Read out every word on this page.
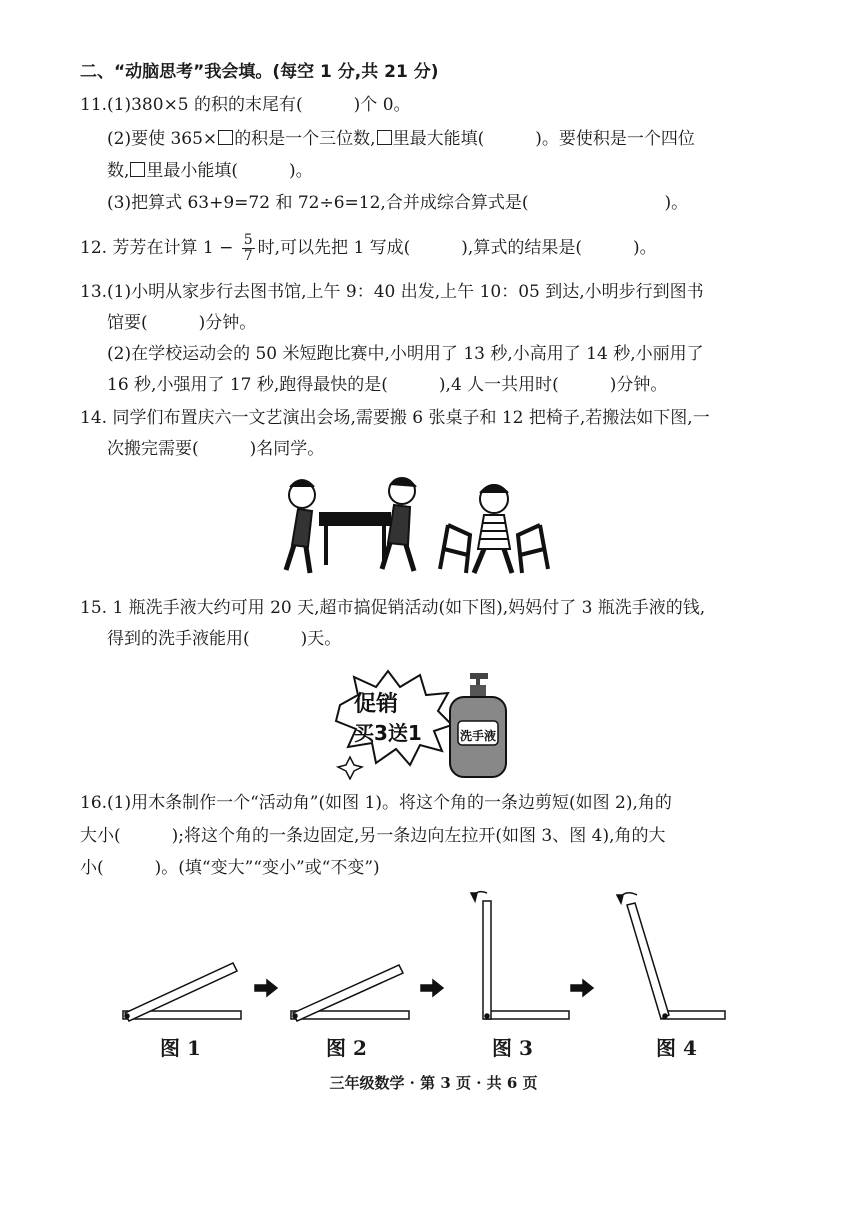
二、“动脑思考”我会填。(每空 1 分,共 21 分)
11.(1)380×5 的积的末尾有(　　　)个 0。
(2)要使 365× 的积是一个三位数, 里最大能填(　　　)。要使积是一个四位
数, 里最小能填(　　　)。
(3)把算式 63+9=72 和 72÷6=12,合并成综合算式是(　　　　　　　　)。
12. 芳芳在计算 $1 - \frac{5}{7}$ 时,可以先把 1 写成(　　　),算式的结果是(　　　)。
13.(1)小明从家步行去图书馆,上午 9：40 出发,上午 10：05 到达,小明步行到图书
馆要(　　　)分钟。
(2)在学校运动会的 50 米短跑比赛中,小明用了 13 秒,小高用了 14 秒,小丽用了
16 秒,小强用了 17 秒,跑得最快的是(　　　),4 人一共用时(　　　)分钟。
14. 同学们布置庆六一文艺演出会场,需要搬 6 张桌子和 12 把椅子,若搬法如下图,一
次搬完需要(　　　)名同学。
15. 1 瓶洗手液大约可用 20 天,超市搞促销活动(如下图),妈妈付了 3 瓶洗手液的钱,
得到的洗手液能用(　　　)天。
促销
买3送1	洗手液
16.(1)用木条制作一个“活动角”(如图 1)。将这个角的一条边剪短(如图 2),角的
大小(　　　);将这个角的一条边固定,另一条边向左拉开(如图 3、图 4),角的大
小(　　　)。(填“变大”“变小”或“不变”)
图 1	图 2	图 3	图 4
三年级数学 · 第 3 页 · 共 6 页
